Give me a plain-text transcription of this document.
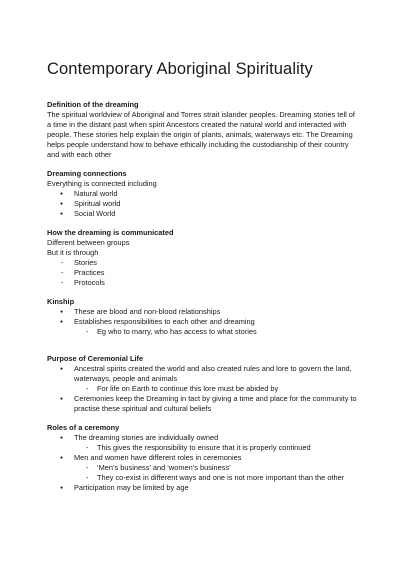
Contemporary Aboriginal Spirituality

Definition of the dreaming

The spiritual worldview of Aboriginal and Torres strait islander peoples. Dreaming stories tell of a time in the distant past when spirit Ancestors created the natural world and interacted with people. These stories help explain the origin of plants, animals, waterways etc. The Dreaming helps people understand how to behave ethically including the custodianship of their country and with each other

Dreaming connections

Everything is connected including

● Natural world
● Spiritual world
● Social World

How the dreaming is communicated

Different between groups

But it is through

- Stories
- Practices
- Protocols

Kinship

● These are blood and non-blood relationships
● Establishes responsibilities to each other and dreaming
- Eg who to marry, who has access to what stories

Purpose of Ceremonial Life

● Ancestral spirits created the world and also created rules and lore to govern the land, waterways, people and animals
- For life on Earth to continue this lore must be abided by
● Ceremonies keep the Dreaming in tact by giving a time and place for the community to practise these spiritual and cultural beliefs

Roles of a ceremony

● The dreaming stories are individually owned
- This gives the responsibility to ensure that it is properly continued
● Men and women have different roles in ceremonies
- ‘Men’s business’ and ‘women’s business’
- They co-exist in different ways and one is not more important than the other
● Participation may be limited by age
